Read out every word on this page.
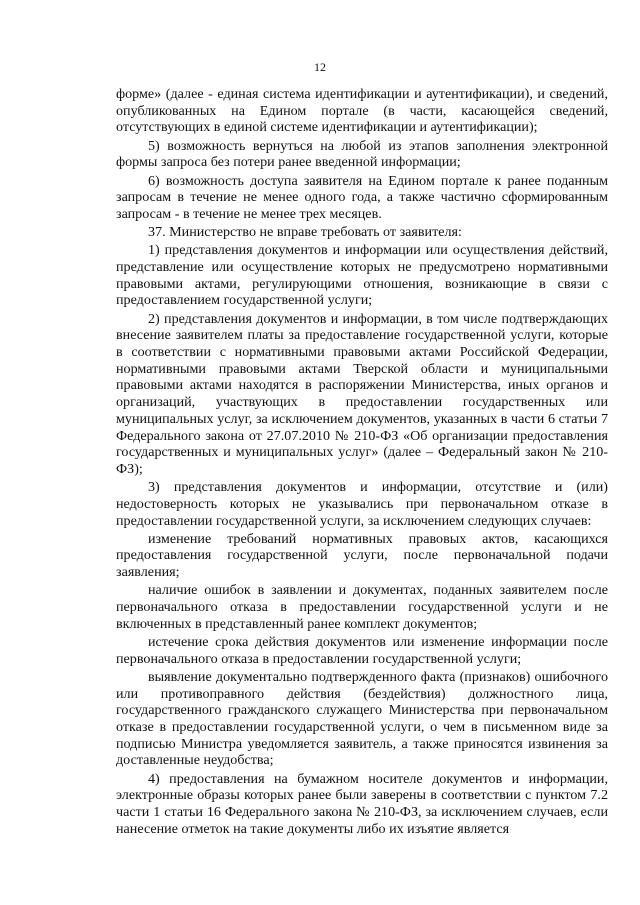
12

форме» (далее - единая система идентификации и аутентификации), и сведений, опубликованных на Едином портале (в части, касающейся сведений, отсутствующих в единой системе идентификации и аутентификации);

5) возможность вернуться на любой из этапов заполнения электронной формы запроса без потери ранее введенной информации;

6) возможность доступа заявителя на Едином портале к ранее поданным запросам в течение не менее одного года, а также частично сформированным запросам - в течение не менее трех месяцев.

37. Министерство не вправе требовать от заявителя:

1) представления документов и информации или осуществления действий, представление или осуществление которых не предусмотрено нормативными правовыми актами, регулирующими отношения, возникающие в связи с предоставлением государственной услуги;

2) представления документов и информации, в том числе подтверждающих внесение заявителем платы за предоставление государственной услуги, которые в соответствии с нормативными правовыми актами Российской Федерации, нормативными правовыми актами Тверской области и муниципальными правовыми актами находятся в распоряжении Министерства, иных органов и организаций, участвующих в предоставлении государственных или муниципальных услуг, за исключением документов, указанных в части 6 статьи 7 Федерального закона от 27.07.2010 № 210-ФЗ «Об организации предоставления государственных и муниципальных услуг» (далее – Федеральный закон № 210-ФЗ);

3) представления документов и информации, отсутствие и (или) недостоверность которых не указывались при первоначальном отказе в предоставлении государственной услуги, за исключением следующих случаев:

изменение требований нормативных правовых актов, касающихся предоставления государственной услуги, после первоначальной подачи заявления;

наличие ошибок в заявлении и документах, поданных заявителем после первоначального отказа в предоставлении государственной услуги и не включенных в представленный ранее комплект документов;

истечение срока действия документов или изменение информации после первоначального отказа в предоставлении государственной услуги;

выявление документально подтвержденного факта (признаков) ошибочного или противоправного действия (бездействия) должностного лица, государственного гражданского служащего Министерства при первоначальном отказе в предоставлении государственной услуги, о чем в письменном виде за подписью Министра уведомляется заявитель, а также приносятся извинения за доставленные неудобства;

4) предоставления на бумажном носителе документов и информации, электронные образы которых ранее были заверены в соответствии с пунктом 7.2 части 1 статьи 16 Федерального закона № 210-ФЗ, за исключением случаев, если нанесение отметок на такие документы либо их изъятие является
